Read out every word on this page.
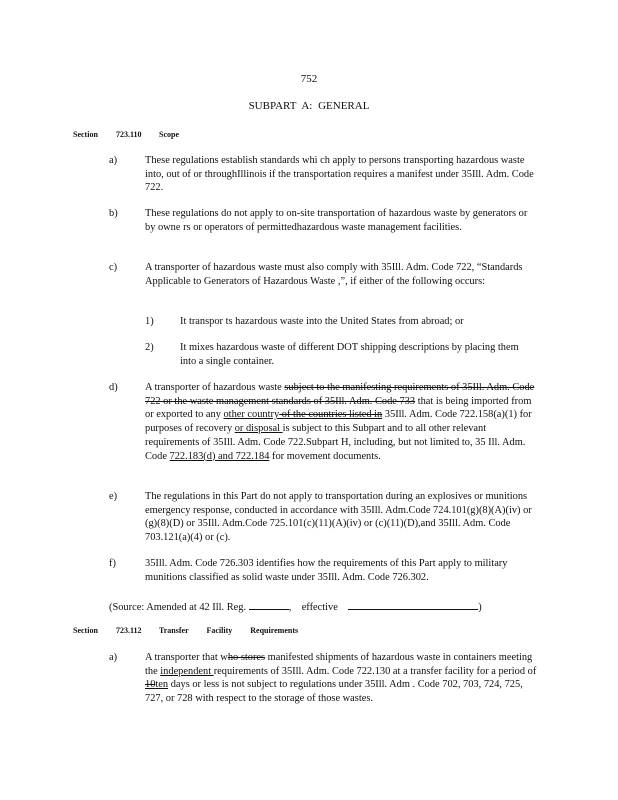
752
SUBPART A: GENERAL
Section 723.110 Scope
a)	These regulations establish standards whi ch apply to persons transporting hazardous waste into, out of or throughIllinois if the transportation requires a manifest under 35Ill. Adm. Code 722.
b)	These regulations do not apply to on-site transportation of hazardous waste by generators or by owne rs or operators of permittedhazardous waste management facilities.
c)	A transporter of hazardous waste must also comply with 35Ill. Adm. Code 722, “Standards Applicable to Generators of Hazardous Waste ,”, if either of the following occurs:
1)	It transpor ts hazardous waste into the United States from abroad; or
2)	It mixes hazardous waste of different DOT shipping descriptions by placing them into a single container.
d)	A transporter of hazardous waste subject to the manifesting requirements of 35Ill. Adm. Code 722 or the waste management standards of 35Ill. Adm. Code 733 that is being imported from or exported to any other country of the countries listed in 35Ill. Adm. Code 722.158(a)(1) for purposes of recovery or disposal is subject to this Subpart and to all other relevant requirements of 35Ill. Adm. Code 722.Subpart H, including, but not limited to, 35 Ill. Adm. Code 722.183(d) and 722.184 for movement documents.
e)	The regulations in this Part do not apply to transportation during an explosives or munitions emergency response, conducted in accordance with 35Ill. Adm.Code 724.101(g)(8)(A)(iv) or (g)(8)(D) or 35Ill. Adm.Code 725.101(c)(11)(A)(iv) or (c)(11)(D),and 35Ill. Adm. Code 703.121(a)(4) or (c).
f)	35Ill. Adm. Code 726.303 identifies how the requirements of this Part apply to military munitions classified as solid waste under 35Ill. Adm. Code 726.302.
(Source: Amended at 42 Ill. Reg.	, effective	)
Section 723.112 Transfer Facility Requirements
a)	A transporter that who stores manifested shipments of hazardous waste in containers meeting the independent requirements of 35Ill. Adm. Code 722.130 at a transfer facility for a period of 10ten days or less is not subject to regulations under 35Ill. Adm . Code 702, 703, 724, 725, 727, or 728 with respect to the storage of those wastes.
